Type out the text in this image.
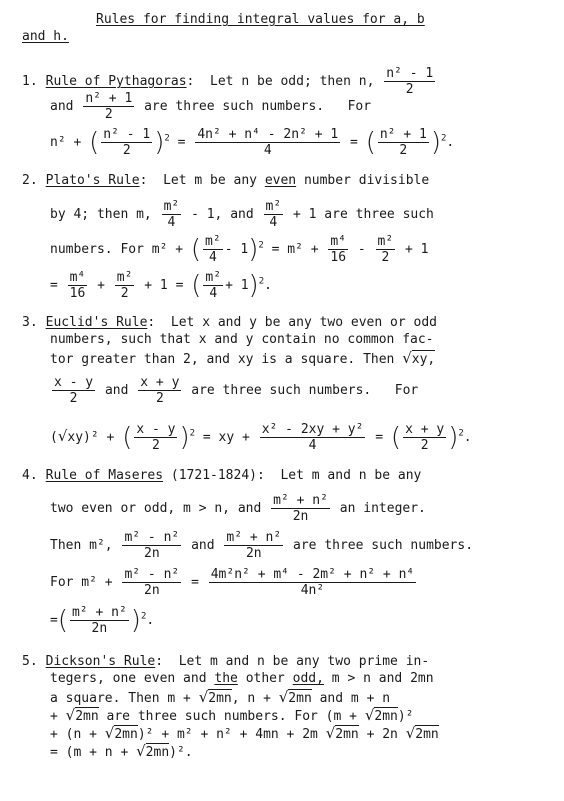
Rules for finding integral values for a, b
and h.
1. Rule of Pythagoras: Let n be odd; then n, $\frac{\text{n² - 1}}{2}$
and $\frac{\text{n² + 1}}{2}$ are three such numbers. For
n² + ( $\frac{\text{n² - 1}}{2} )^2 = \frac{\text{4n² + n⁴ - 2n² + 1}}{4}$ = ( $\frac{\text{n² + 1}}{2} )^2$.
2. Plato's Rule: Let m be any even number divisible
by 4; then m, $\frac{\text{m²}}{4} - 1$, and $\frac{\text{m²}}{4} + 1$ are three such
numbers. For m² + ( $\frac{\text{m²}}{4} - 1)^2 = m^2 + \frac{\text{m⁴}}{16} - \frac{\text{m²}}{2} + 1$
= $\frac{\text{m⁴}}{16} + \frac{\text{m²}}{2} + 1$ = ( $\frac{\text{m²}}{4} + 1)^2$.
3. Euclid's Rule: Let x and y be any two even or odd
numbers, such that x and y contain no common fac-
tor greater than 2, and xy is a square. Then √xy,
$\frac{x - y}{2}$ and $\frac{x + y}{2}$ are three such numbers. For
(√xy)² + ( $\frac{x - y}{2} )^2$ = xy + $\frac{\text{x² - 2xy + y²}}{4}$ = ( $\frac{x + y}{2} )^2$.
4. Rule of Maseres (1721-1824): Let m and n be any
two even or odd, m > n, and $\frac{\text{m² + n²}}{2n}$ an integer.
Then m², $\frac{\text{m² - n²}}{2n}$ and $\frac{\text{m² + n²}}{2n}$ are three such numbers.
For $m^2 + \frac{\text{m² - n²}}{2n} = \frac{\text{4m²n² + m⁴ - 2m² + n² + n⁴}}{\text{4n²}}$
=( $\frac{\text{m² + n²}}{2n} )^2$.
5. Dickson's Rule: Let m and n be any two prime in-
tegers, one even and the other odd, m > n and 2mn
a square. Then m + √2mn, n + √2mn and m + n
+ √2mn are three such numbers. For (m + √2mn)²
+ (n + √2mn)² + m² + n² + 4mn + 2m √2mn + 2n √2mn
= (m + n + √2mn)².
